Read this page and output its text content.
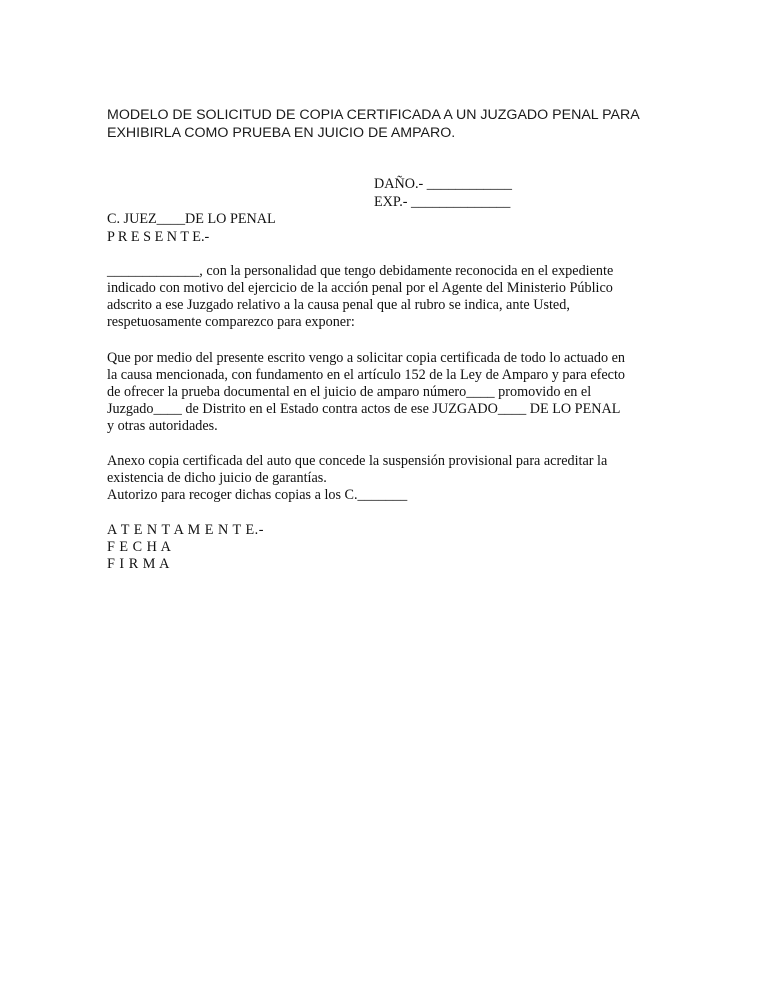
MODELO DE SOLICITUD DE COPIA CERTIFICADA A UN JUZGADO PENAL PARA
EXHIBIRLA COMO PRUEBA EN JUICIO DE AMPARO.
DAÑO.- ____________
EXP.- ______________
C. JUEZ____DE LO PENAL
P R E S E N T E.-
_____________, con la personalidad que tengo debidamente reconocida en el expediente
indicado con motivo del ejercicio de la acción penal por el Agente del Ministerio Público
adscrito a ese Juzgado relativo a la causa penal que al rubro se indica, ante Usted,
respetuosamente comparezco para exponer:
Que por medio del presente escrito vengo a solicitar copia certificada de todo lo actuado en
la causa mencionada, con fundamento en el artículo 152 de la Ley de Amparo y para efecto
de ofrecer la prueba documental en el juicio de amparo número____ promovido en el
Juzgado____ de Distrito en el Estado contra actos de ese JUZGADO____ DE LO PENAL
y otras autoridades.
Anexo copia certificada del auto que concede la suspensión provisional para acreditar la
existencia de dicho juicio de garantías.
Autorizo para recoger dichas copias a los C._______
A T E N T A M E N T E.-
F E C H A
F I R M A
